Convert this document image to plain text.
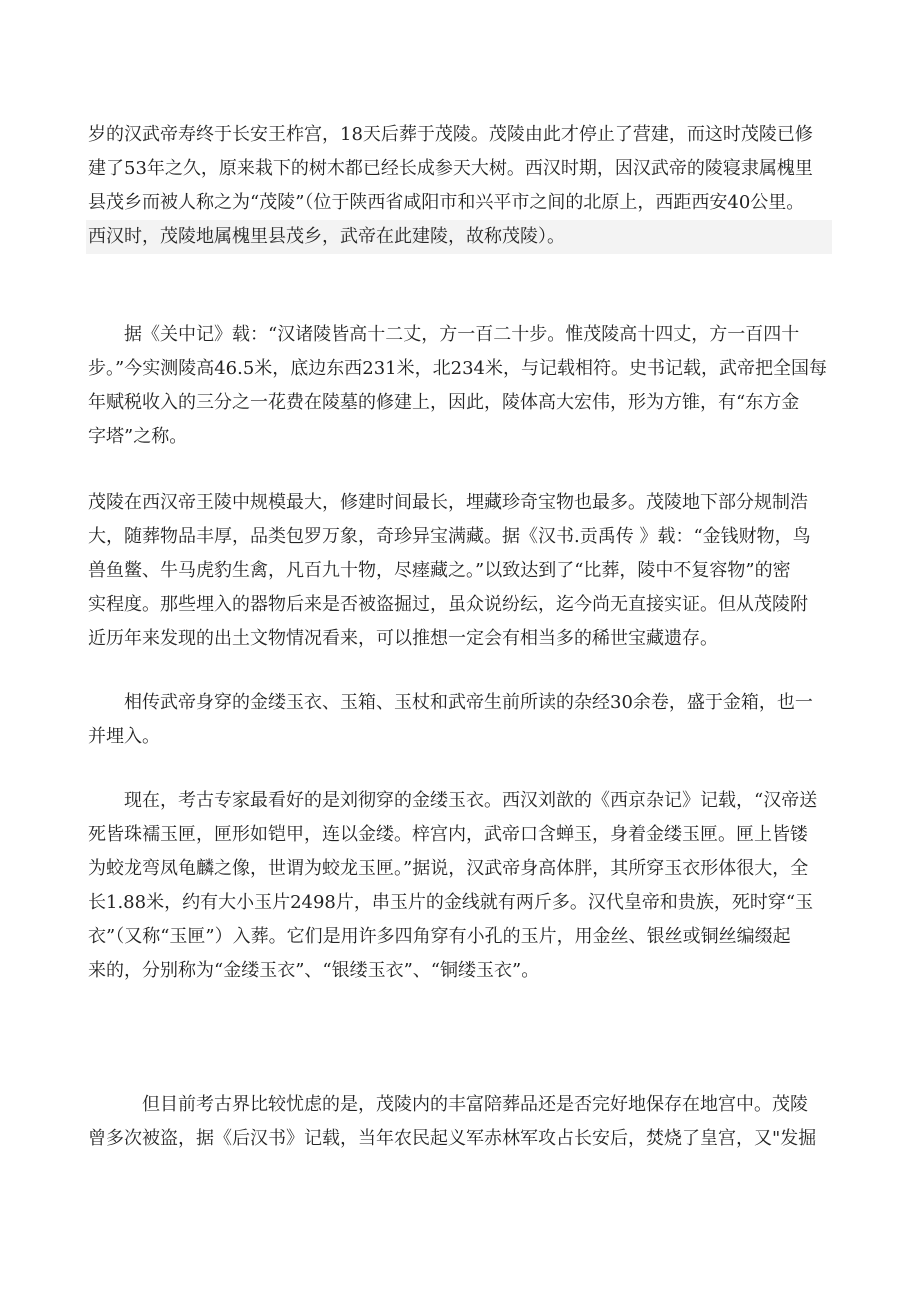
岁的汉武帝寿终于长安王柞宫，18天后葬于茂陵。茂陵由此才停止了营建，而这时茂陵已修
建了53年之久，原来栽下的树木都已经长成参天大树。西汉时期，因汉武帝的陵寝隶属槐里
县茂乡而被人称之为“茂陵”（位于陕西省咸阳市和兴平市之间的北原上，西距西安40公里。
西汉时，茂陵地属槐里县茂乡，武帝在此建陵，故称茂陵）。
　　据《关中记》载：“汉诸陵皆高十二丈，方一百二十步。惟茂陵高十四丈，方一百四十
步。”今实测陵高46.5米，底边东西231米，北234米，与记载相符。史书记载，武帝把全国每
年赋税收入的三分之一花费在陵墓的修建上，因此，陵体高大宏伟，形为方锥，有“东方金
字塔”之称。
茂陵在西汉帝王陵中规模最大，修建时间最长，埋藏珍奇宝物也最多。茂陵地下部分规制浩
大，随葬物品丰厚，品类包罗万象，奇珍异宝满藏。据《汉书.贡禹传 》载：“金钱财物，鸟
兽鱼鳖、牛马虎豹生禽，凡百九十物，尽瘗藏之。”以致达到了“比葬，陵中不复容物”的密
实程度。那些埋入的器物后来是否被盗掘过，虽众说纷纭，迄今尚无直接实证。但从茂陵附
近历年来发现的出土文物情况看来，可以推想一定会有相当多的稀世宝藏遗存。
　　相传武帝身穿的金缕玉衣、玉箱、玉杖和武帝生前所读的杂经30余卷，盛于金箱，也一
并埋入。
　　现在，考古专家最看好的是刘彻穿的金缕玉衣。西汉刘歆的《西京杂记》记载，“汉帝送
死皆珠襦玉匣，匣形如铠甲，连以金缕。梓宫内，武帝口含蝉玉，身着金缕玉匣。匣上皆镂
为蛟龙弯凤龟麟之像，世谓为蛟龙玉匣。”据说，汉武帝身高体胖，其所穿玉衣形体很大，全
长1.88米，约有大小玉片2498片，串玉片的金线就有两斤多。汉代皇帝和贵族，死时穿“玉
衣”（又称“玉匣”）入葬。它们是用许多四角穿有小孔的玉片，用金丝、银丝或铜丝编缀起
来的，分别称为“金缕玉衣”、“银缕玉衣”、“铜缕玉衣”。
　　　但目前考古界比较忧虑的是，茂陵内的丰富陪葬品还是否完好地保存在地宫中。茂陵
曾多次被盗，据《后汉书》记载，当年农民起义军赤林军攻占长安后，焚烧了皇宫，又"发掘
